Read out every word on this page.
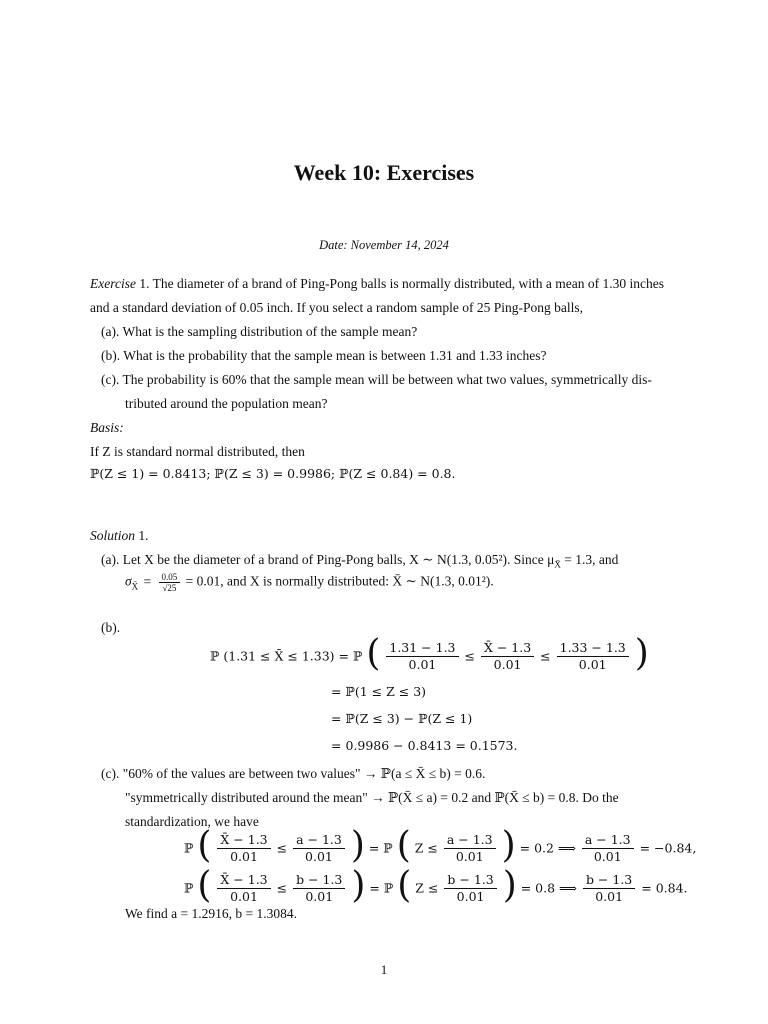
Week 10: Exercises
Date: November 14, 2024
Exercise 1. The diameter of a brand of Ping-Pong balls is normally distributed, with a mean of 1.30 inches
and a standard deviation of 0.05 inch. If you select a random sample of 25 Ping-Pong balls,
(a). What is the sampling distribution of the sample mean?
(b). What is the probability that the sample mean is between 1.31 and 1.33 inches?
(c). The probability is 60% that the sample mean will be between what two values, symmetrically dis-
tributed around the population mean?
Basis:
If Z is standard normal distributed, then
ℙ(Z ≤ 1) = 0.8413; ℙ(Z ≤ 3) = 0.9986; ℙ(Z ≤ 0.84) = 0.8.
Solution 1.
(a). Let X be the diameter of a brand of Ping-Pong balls, X ∼ N(1.3, 0.05²). Since $\mu_{X̄} = 1.3$, and
$\sigma_{X̄} = \frac{0.05}{√25} = 0.01$, and X is normally distributed: X̄ ∼ N(1.3, 0.01²).
(b).
ℙ (1.31 ≤ X̄ ≤ 1.33) = ℙ ( $\frac{1.31 - 1.3}{0.01} \le \frac{X̄ - 1.3}{0.01} \le \frac{1.33 - 1.3}{0.01}$ )
= ℙ(1 ≤ Z ≤ 3)
= ℙ(Z ≤ 3) − ℙ(Z ≤ 1)
= 0.9986 − 0.8413 = 0.1573.
(c). "60% of the values are between two values" → ℙ(a ≤ X̄ ≤ b) = 0.6.
"symmetrically distributed around the mean" → ℙ(X̄ ≤ a) = 0.2 and ℙ(X̄ ≤ b) = 0.8. Do the
standardization, we have
ℙ ( $\frac{X̄ - 1.3}{0.01} \le \frac{a - 1.3}{0.01}$ ) = ℙ ( $Z \le \frac{a - 1.3}{0.01}$ ) = 0.2 ⟹ $\frac{a - 1.3}{0.01} = -0.84$,
ℙ ( $\frac{X̄ - 1.3}{0.01} \le \frac{b - 1.3}{0.01}$ ) = ℙ ( $Z \le \frac{b - 1.3}{0.01}$ ) = 0.8 ⟹ $\frac{b - 1.3}{0.01} = 0.84$.
We find a = 1.2916, b = 1.3084.
1
